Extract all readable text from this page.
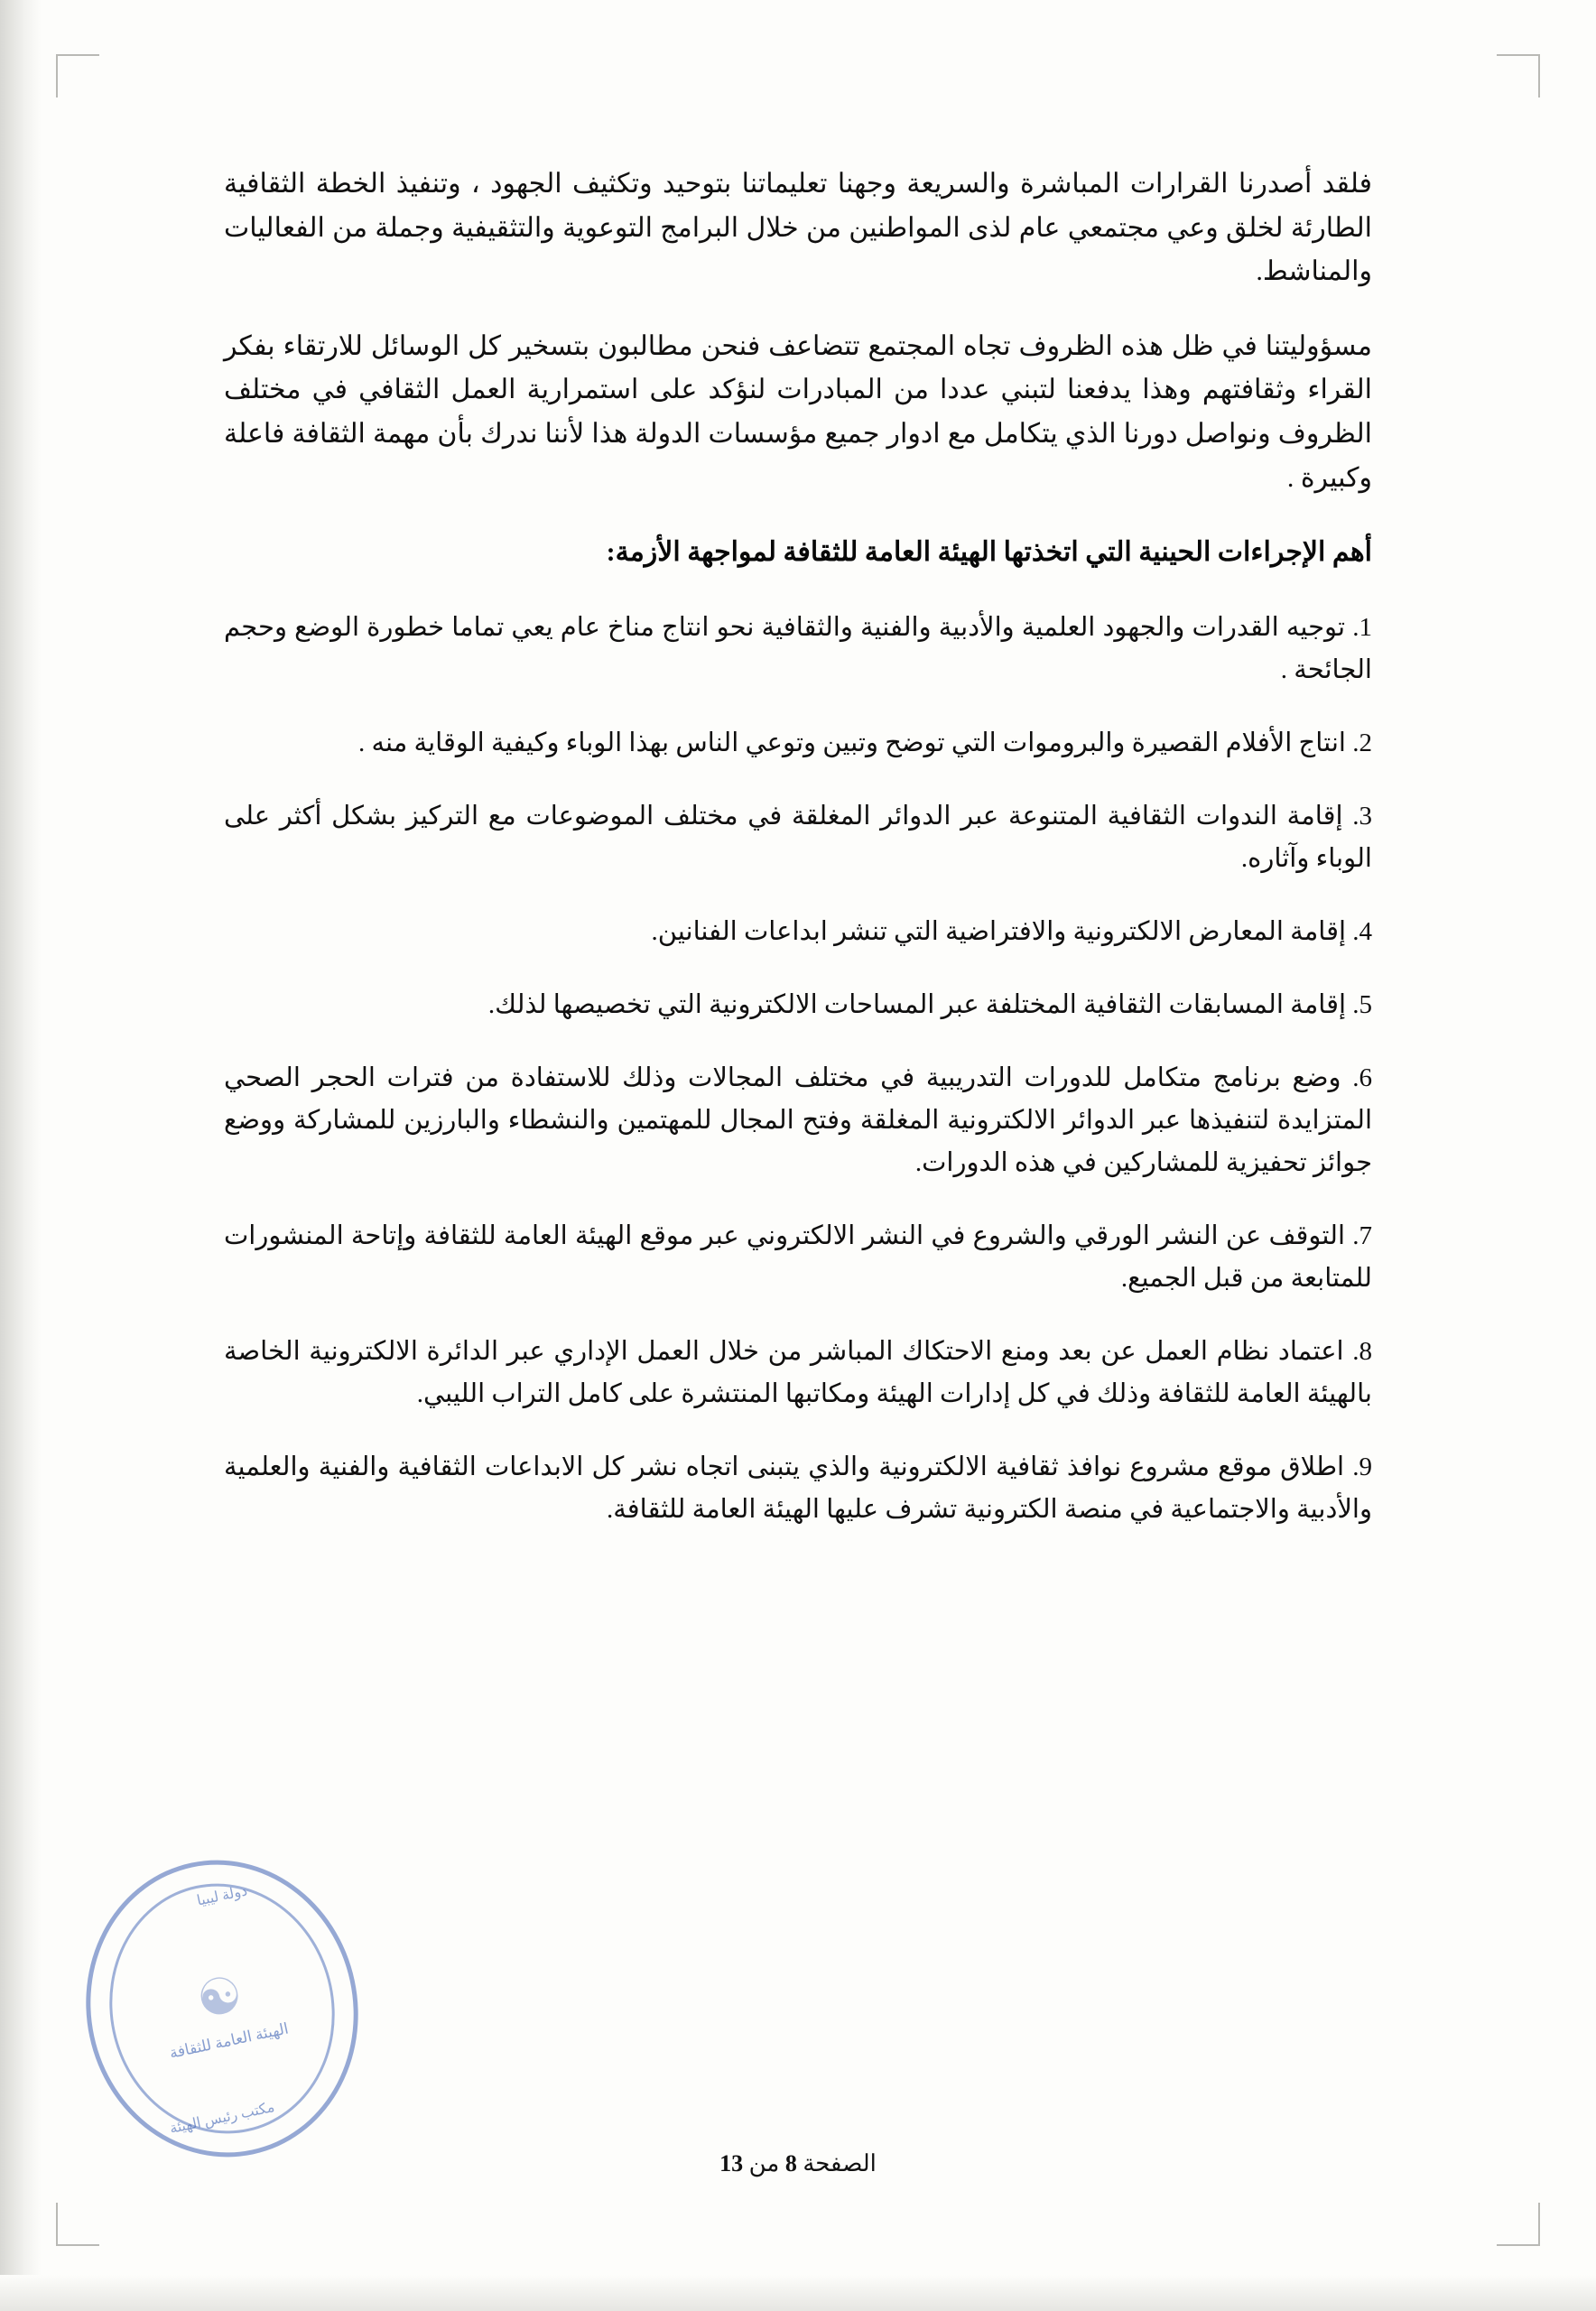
فلقد أصدرنا القرارات المباشرة والسريعة وجهنا تعليماتنا بتوحيد وتكثيف الجهود ، وتنفيذ الخطة الثقافية الطارئة لخلق وعي مجتمعي عام لذى المواطنين من خلال البرامج التوعوية والتثقيفية وجملة من الفعاليات والمناشط.

مسؤوليتنا في ظل هذه الظروف تجاه المجتمع تتضاعف فنحن مطالبون بتسخير كل الوسائل للارتقاء بفكر القراء وثقافتهم وهذا يدفعنا لتبني عددا من المبادرات لنؤكد على استمرارية العمل الثقافي في مختلف الظروف ونواصل دورنا الذي يتكامل مع ادوار جميع مؤسسات الدولة هذا لأننا ندرك بأن مهمة الثقافة فاعلة وكبيرة .

أهم الإجراءات الحينية التي اتخذتها الهيئة العامة للثقافة لمواجهة الأزمة:
1. توجيه القدرات والجهود العلمية والأدبية والفنية والثقافية نحو انتاج مناخ عام يعي تماما خطورة الوضع وحجم الجائحة .
2. انتاج الأفلام القصيرة والبروموات التي توضح وتبين وتوعي الناس بهذا الوباء وكيفية الوقاية منه .
3. إقامة الندوات الثقافية المتنوعة عبر الدوائر المغلقة في مختلف الموضوعات مع التركيز بشكل أكثر على الوباء وآثاره.
4. إقامة المعارض الالكترونية والافتراضية التي تنشر ابداعات الفنانين.
5. إقامة المسابقات الثقافية المختلفة عبر المساحات الالكترونية التي تخصيصها لذلك.
6. وضع برنامج متكامل للدورات التدريبية في مختلف المجالات وذلك للاستفادة من فترات الحجر الصحي المتزايدة لتنفيذها عبر الدوائر الالكترونية المغلقة وفتح المجال للمهتمين والنشطاء والبارزين للمشاركة ووضع جوائز تحفيزية للمشاركين في هذه الدورات.
7. التوقف عن النشر الورقي والشروع في النشر الالكتروني عبر موقع الهيئة العامة للثقافة وإتاحة المنشورات للمتابعة من قبل الجميع.
8. اعتماد نظام العمل عن بعد ومنع الاحتكاك المباشر من خلال العمل الإداري عبر الدائرة الالكترونية الخاصة بالهيئة العامة للثقافة وذلك في كل إدارات الهيئة ومكاتبها المنتشرة على كامل التراب الليبي.
9. اطلاق موقع مشروع نوافذ ثقافية الالكترونية والذي يتبنى اتجاه نشر كل الابداعات الثقافية والفنية والعلمية والأدبية والاجتماعية في منصة الكترونية تشرف عليها الهيئة العامة للثقافة.
دولة ليبيا
☯
الهيئة العامة للثقافة
مكتب رئيس الهيئة
الصفحة 8 من 13
